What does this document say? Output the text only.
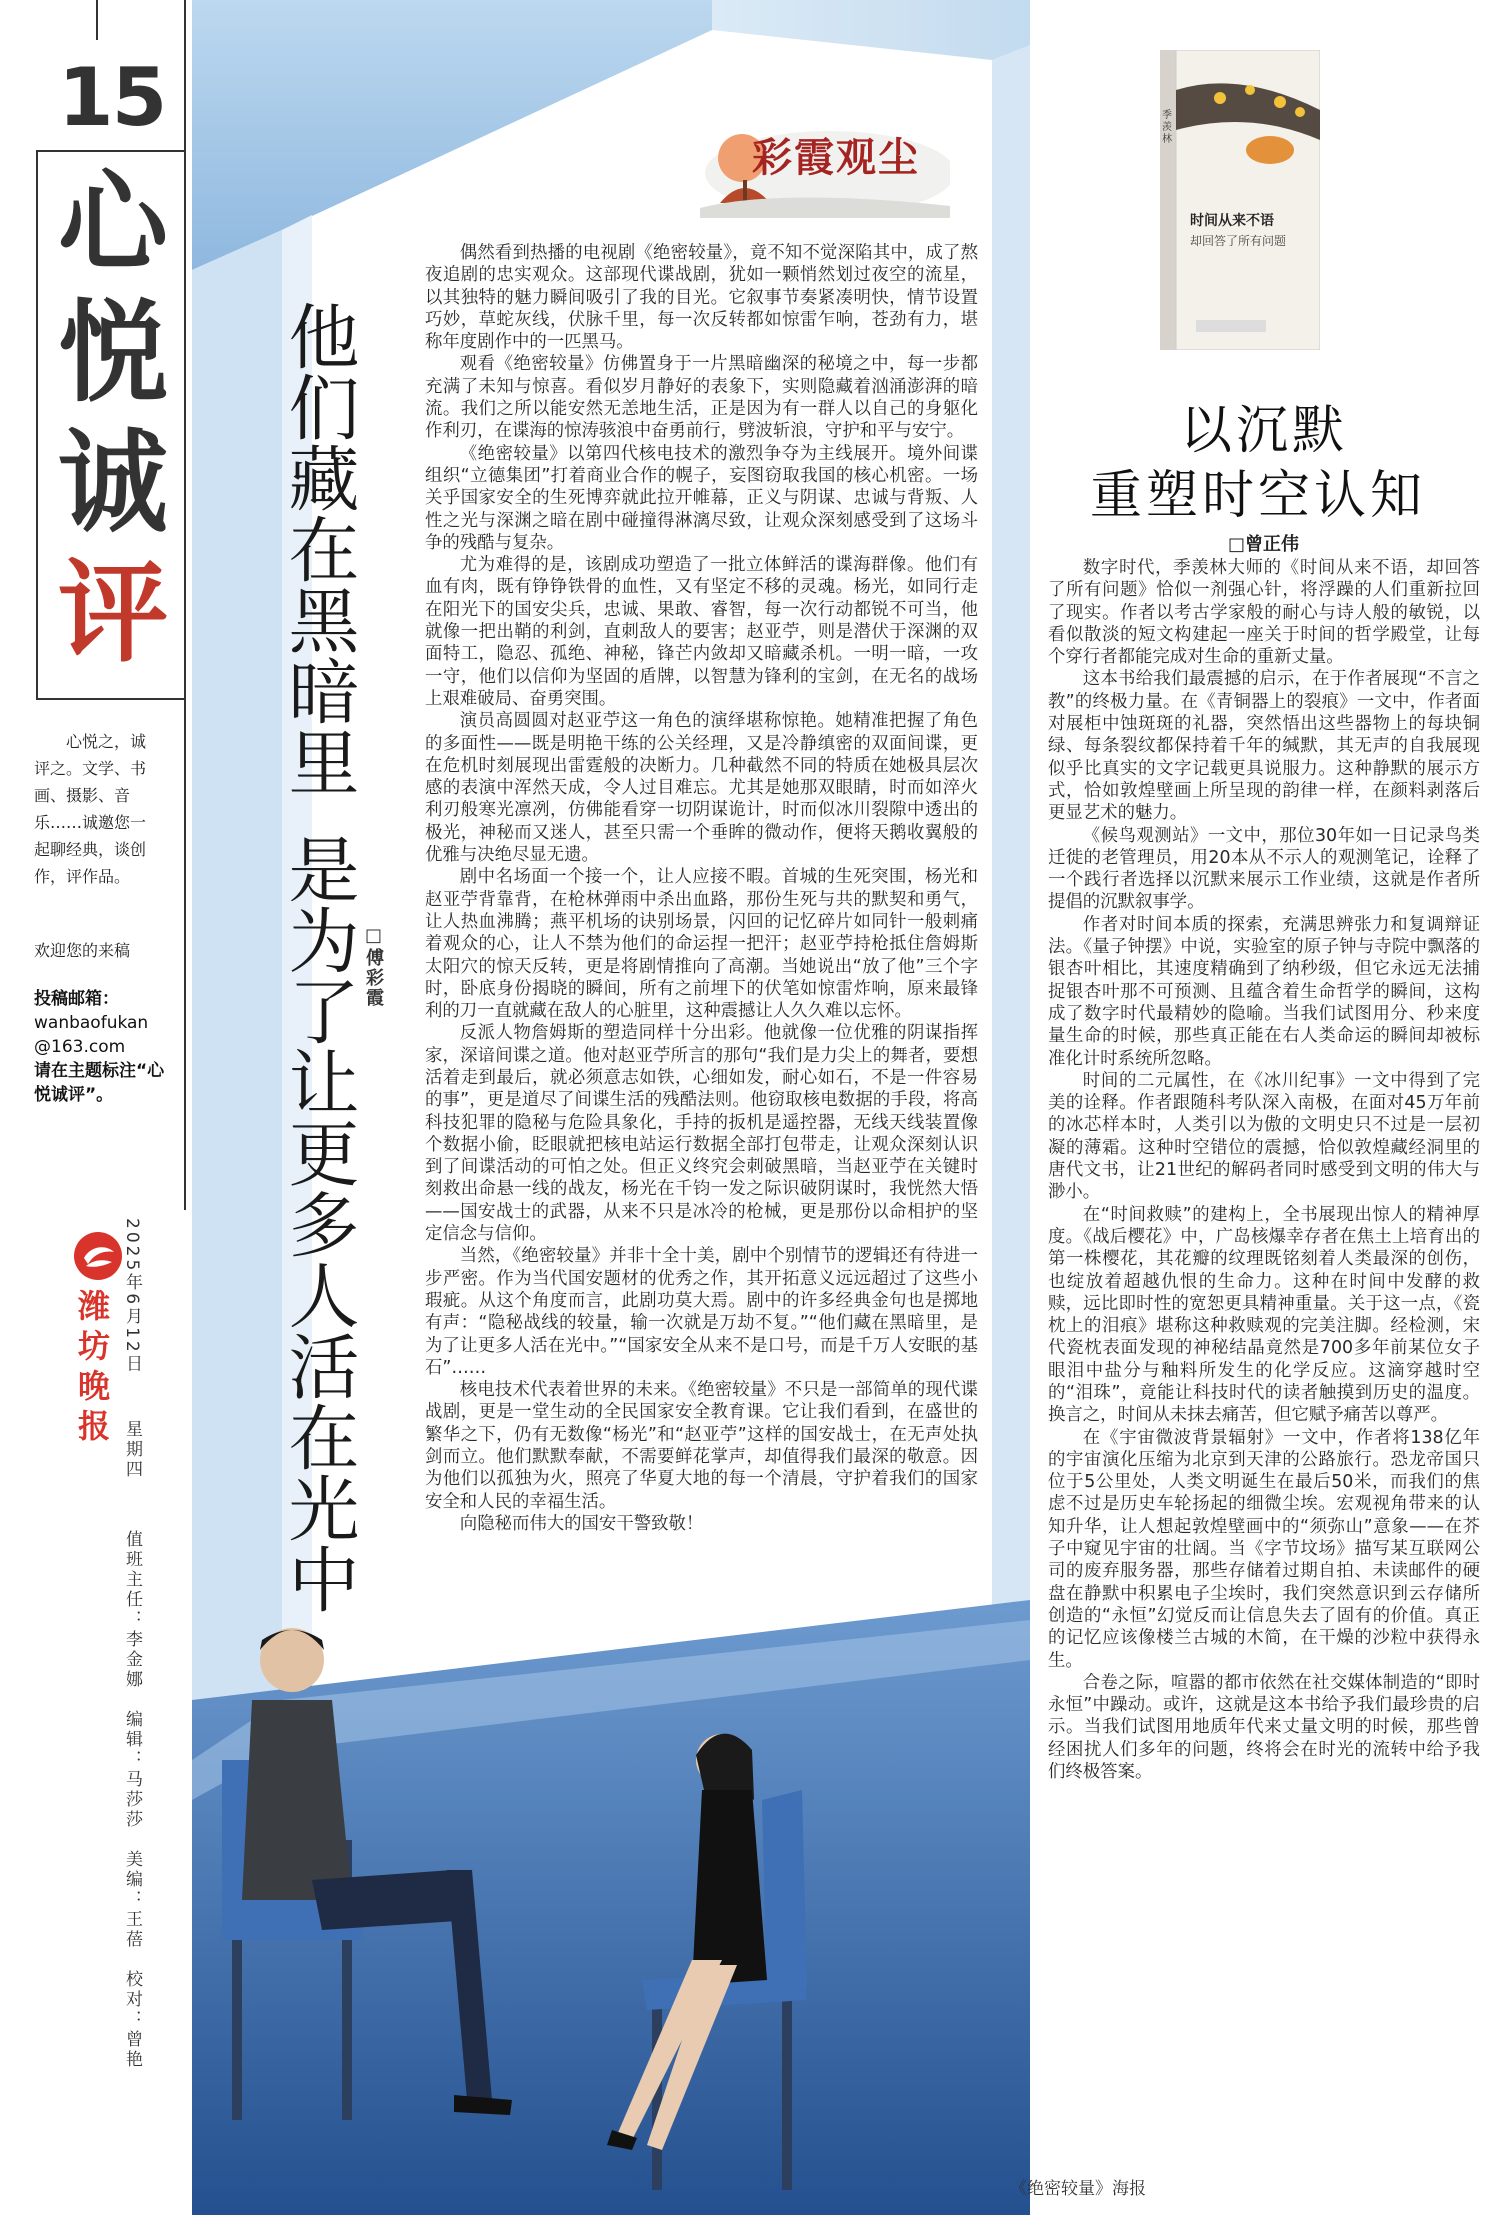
15
心
悦
诚
评
心悦之，诚评之。文学、书画、摄影、音乐……诚邀您一起聊经典，谈创作，评作品。
欢迎您的来稿
投稿邮箱：
wanbaofukan
@163.com
请在主题标注“心悦诚评”。
潍坊晚报
2025年6月12日
星期四
值班主任：李金娜　编辑：马莎莎　美编：王蓓　校对：曾艳
彩霞观尘
他们藏在黑暗里是为了让更多人活在光中 □傅彩霞

偶然看到热播的电视剧《绝密较量》，竟不知不觉深陷其中，成了熬夜追剧的忠实观众。这部现代谍战剧，犹如一颗悄然划过夜空的流星，以其独特的魅力瞬间吸引了我的目光。它叙事节奏紧凑明快，情节设置巧妙，草蛇灰线，伏脉千里，每一次反转都如惊雷乍响，苍劲有力，堪称年度剧作中的一匹黑马。

观看《绝密较量》仿佛置身于一片黑暗幽深的秘境之中，每一步都充满了未知与惊喜。看似岁月静好的表象下，实则隐藏着汹涌澎湃的暗流。我们之所以能安然无恙地生活，正是因为有一群人以自己的身躯化作利刃，在谍海的惊涛骇浪中奋勇前行，劈波斩浪，守护和平与安宁。

《绝密较量》以第四代核电技术的激烈争夺为主线展开。境外间谍组织“立德集团”打着商业合作的幌子，妄图窃取我国的核心机密。一场关乎国家安全的生死博弈就此拉开帷幕，正义与阴谋、忠诚与背叛、人性之光与深渊之暗在剧中碰撞得淋漓尽致，让观众深刻感受到了这场斗争的残酷与复杂。

尤为难得的是，该剧成功塑造了一批立体鲜活的谍海群像。他们有血有肉，既有铮铮铁骨的血性，又有坚定不移的灵魂。杨光，如同行走在阳光下的国安尖兵，忠诚、果敢、睿智，每一次行动都锐不可当，他就像一把出鞘的利剑，直刺敌人的要害；赵亚苧，则是潜伏于深渊的双面特工，隐忍、孤绝、神秘，锋芒内敛却又暗藏杀机。一明一暗，一攻一守，他们以信仰为坚固的盾牌，以智慧为锋利的宝剑，在无名的战场上艰难破局、奋勇突围。

演员高圆圆对赵亚苧这一角色的演绎堪称惊艳。她精准把握了角色的多面性——既是明艳干练的公关经理，又是冷静缜密的双面间谍，更在危机时刻展现出雷霆般的决断力。几种截然不同的特质在她极具层次感的表演中浑然天成，令人过目难忘。尤其是她那双眼睛，时而如淬火利刃般寒光凛冽，仿佛能看穿一切阴谋诡计，时而似冰川裂隙中透出的极光，神秘而又迷人，甚至只需一个垂眸的微动作，便将天鹅收翼般的优雅与决绝尽显无遗。

剧中名场面一个接一个，让人应接不暇。首城的生死突围，杨光和赵亚苧背靠背，在枪林弹雨中杀出血路，那份生死与共的默契和勇气，让人热血沸腾；燕平机场的诀别场景，闪回的记忆碎片如同针一般刺痛着观众的心，让人不禁为他们的命运捏一把汗；赵亚苧持枪抵住詹姆斯太阳穴的惊天反转，更是将剧情推向了高潮。当她说出“放了他”三个字时，卧底身份揭晓的瞬间，所有之前埋下的伏笔如惊雷炸响，原来最锋利的刀一直就藏在敌人的心脏里，这种震撼让人久久难以忘怀。

反派人物詹姆斯的塑造同样十分出彩。他就像一位优雅的阴谋指挥家，深谙间谍之道。他对赵亚苧所言的那句“我们是力尖上的舞者，要想活着走到最后，就必须意志如铁，心细如发，耐心如石，不是一件容易的事”，更是道尽了间谍生活的残酷法则。他窃取核电数据的手段，将高科技犯罪的隐秘与危险具象化，手持的扳机是遥控器，无线天线装置像个数据小偷，眨眼就把核电站运行数据全部打包带走，让观众深刻认识到了间谍活动的可怕之处。但正义终究会刺破黑暗，当赵亚苧在关键时刻救出命悬一线的战友，杨光在千钧一发之际识破阴谋时，我恍然大悟——国安战士的武器，从来不只是冰冷的枪械，更是那份以命相护的坚定信念与信仰。

当然，《绝密较量》并非十全十美，剧中个别情节的逻辑还有待进一步严密。作为当代国安题材的优秀之作，其开拓意义远远超过了这些小瑕疵。从这个角度而言，此剧功莫大焉。剧中的许多经典金句也是掷地有声：“隐秘战线的较量，输一次就是万劫不复。”“他们藏在黑暗里，是为了让更多人活在光中。”“国家安全从来不是口号，而是千万人安眠的基石”……

核电技术代表着世界的未来。《绝密较量》不只是一部简单的现代谍战剧，更是一堂生动的全民国家安全教育课。它让我们看到，在盛世的繁华之下，仍有无数像“杨光”和“赵亚苧”这样的国安战士，在无声处执剑而立。他们默默奉献，不需要鲜花掌声，却值得我们最深的敬意。因为他们以孤独为火，照亮了华夏大地的每一个清晨，守护着我们的国家安全和人民的幸福生活。

向隐秘而伟大的国安干警致敬！

《绝密较量》海报
时间从来不语
却回答了所有问题
季羡林
以沉默
重塑时空认知
□曾正伟

数字时代，季羡林大师的《时间从来不语，却回答了所有问题》恰似一剂强心针，将浮躁的人们重新拉回了现实。作者以考古学家般的耐心与诗人般的敏锐，以看似散淡的短文构建起一座关于时间的哲学殿堂，让每个穿行者都能完成对生命的重新丈量。

这本书给我们最震撼的启示，在于作者展现“不言之教”的终极力量。在《青铜器上的裂痕》一文中，作者面对展柜中蚀斑斑的礼器，突然悟出这些器物上的每块铜绿、每条裂纹都保持着千年的缄默，其无声的自我展现似乎比真实的文字记载更具说服力。这种静默的展示方式，恰如敦煌壁画上所呈现的韵律一样，在颜料剥落后更显艺术的魅力。

《候鸟观测站》一文中，那位30年如一日记录鸟类迁徙的老管理员，用20本从不示人的观测笔记，诠释了一个践行者选择以沉默来展示工作业绩，这就是作者所提倡的沉默叙事学。

作者对时间本质的探索，充满思辨张力和复调辩证法。《量子钟摆》中说，实验室的原子钟与寺院中飘落的银杏叶相比，其速度精确到了纳秒级，但它永远无法捕捉银杏叶那不可预测、且蕴含着生命哲学的瞬间，这构成了数字时代最精妙的隐喻。当我们试图用分、秒来度量生命的时候，那些真正能在右人类命运的瞬间却被标准化计时系统所忽略。

时间的二元属性，在《冰川纪事》一文中得到了完美的诠释。作者跟随科考队深入南极，在面对45万年前的冰芯样本时，人类引以为傲的文明史只不过是一层初凝的薄霜。这种时空错位的震撼，恰似敦煌藏经洞里的唐代文书，让21世纪的解码者同时感受到文明的伟大与渺小。

在“时间救赎”的建构上，全书展现出惊人的精神厚度。《战后樱花》中，广岛核爆幸存者在焦土上培育出的第一株樱花，其花瓣的纹理既铭刻着人类最深的创伤，也绽放着超越仇恨的生命力。这种在时间中发酵的救赎，远比即时性的宽恕更具精神重量。关于这一点，《瓷枕上的泪痕》堪称这种救赎观的完美注脚。经检测，宋代瓷枕表面发现的神秘结晶竟然是700多年前某位女子眼泪中盐分与釉料所发生的化学反应。这滴穿越时空的“泪珠”，竟能让科技时代的读者触摸到历史的温度。换言之，时间从未抹去痛苦，但它赋予痛苦以尊严。

在《宇宙微波背景辐射》一文中，作者将138亿年的宇宙演化压缩为北京到天津的公路旅行。恐龙帝国只位于5公里处，人类文明诞生在最后50米，而我们的焦虑不过是历史车轮扬起的细微尘埃。宏观视角带来的认知升华，让人想起敦煌壁画中的“须弥山”意象——在芥子中窥见宇宙的壮阔。当《字节坟场》描写某互联网公司的废弃服务器，那些存储着过期自拍、未读邮件的硬盘在静默中积累电子尘埃时，我们突然意识到云存储所创造的“永恒”幻觉反而让信息失去了固有的价值。真正的记忆应该像楼兰古城的木简，在干燥的沙粒中获得永生。

合卷之际，喧嚣的都市依然在社交媒体制造的“即时永恒”中躁动。或许，这就是这本书给予我们最珍贵的启示。当我们试图用地质年代来丈量文明的时候，那些曾经困扰人们多年的问题，终将会在时光的流转中给予我们终极答案。
